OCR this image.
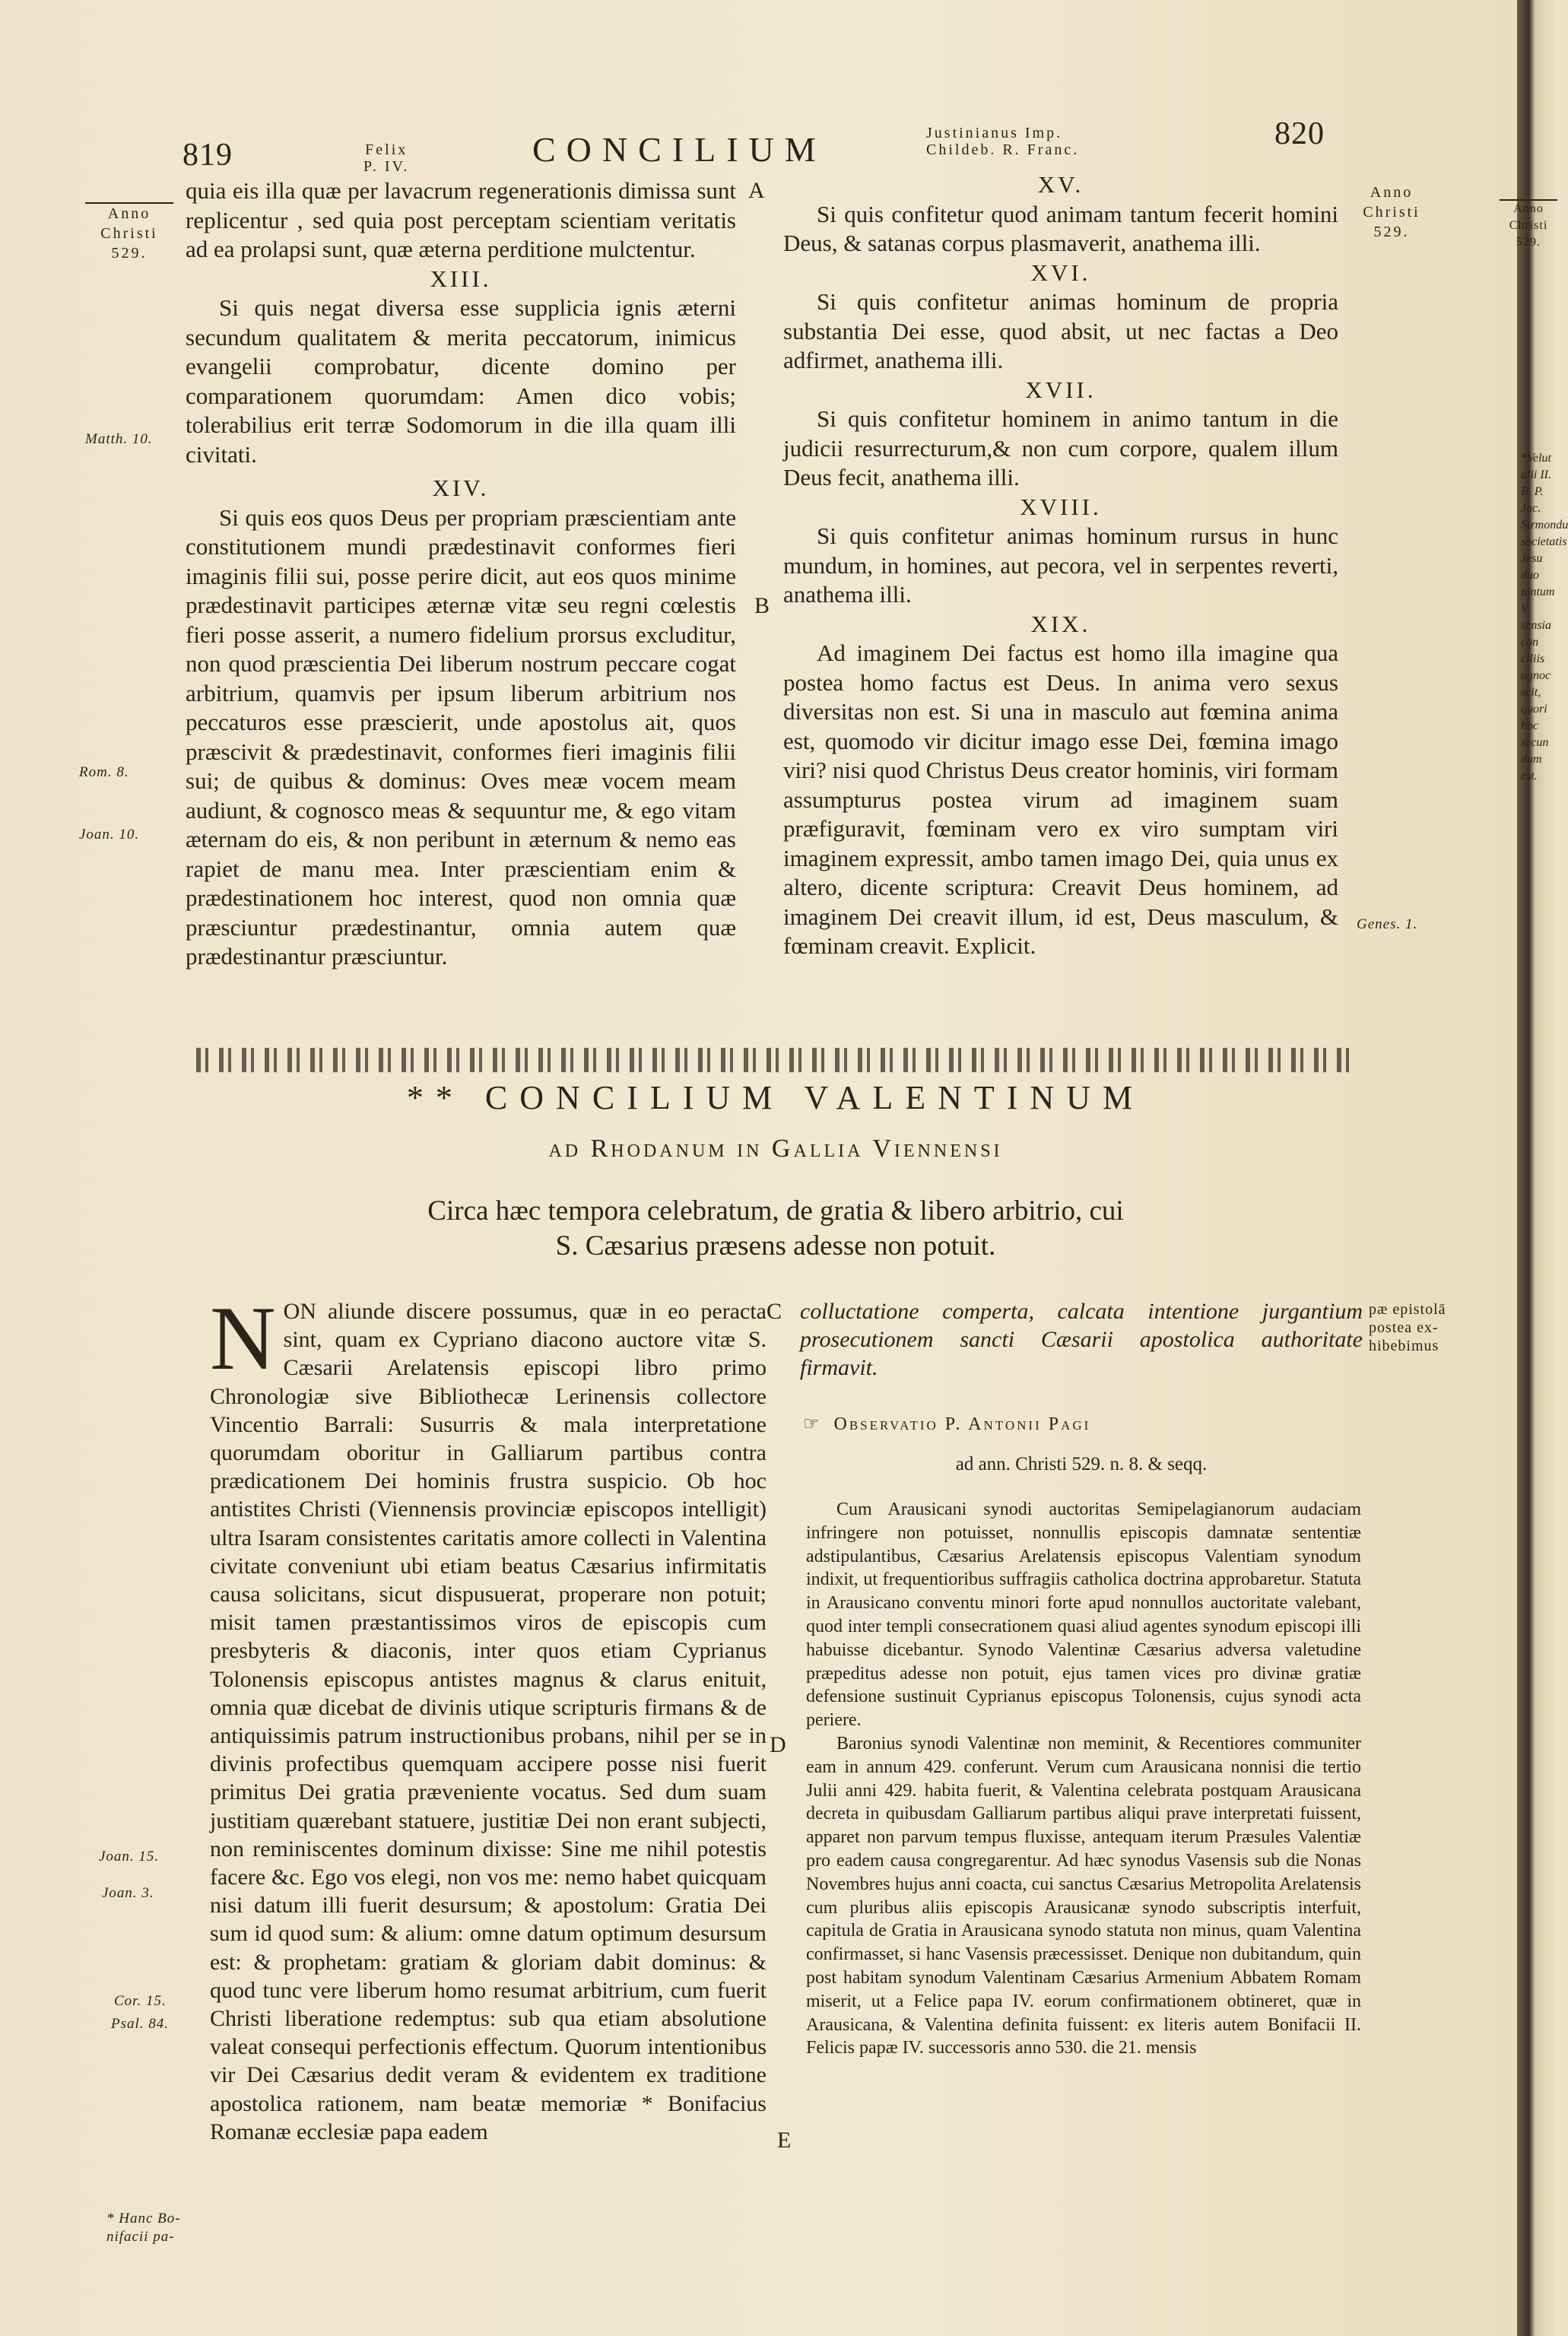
819	Felix
P. IV.	CONCILIUM	Justinianus Imp.
Childeb. R. Franc.	820
Anno
Christi
529.
Anno
Christi
529.

quia eis illa quæ per lavacrum regenerationis dimissa sunt replicentur , sed quia post perceptam scientiam veritatis ad ea prolapsi sunt, quæ æterna perditione mulctentur.

XIII.

Si quis negat diversa esse supplicia ignis æterni secundum qualitatem & merita peccatorum, inimicus evangelii comprobatur, dicente domino per comparationem quorumdam: Amen dico vobis; tolerabilius erit terræ Sodomorum in die illa quam illi civitati.

XIV.

Si quis eos quos Deus per propriam præscientiam ante constitutionem mundi prædestinavit conformes fieri imaginis filii sui, posse perire dicit, aut eos quos minime prædestinavit participes æternæ vitæ seu regni cœlestis fieri posse asserit, a numero fidelium prorsus excluditur, non quod præscientia Dei liberum nostrum peccare cogat arbitrium, quamvis per ipsum liberum arbitrium nos peccaturos esse præscierit, unde apostolus ait, quos præscivit & prædestinavit, conformes fieri imaginis filii sui; de quibus & dominus: Oves meæ vocem meam audiunt, & cognosco meas & sequuntur me, & ego vitam æternam do eis, & non peribunt in æternum & nemo eas rapiet de manu mea. Inter præscientiam enim & prædestinationem hoc interest, quod non omnia quæ præsciuntur prædestinantur, omnia autem quæ prædestinantur præsciuntur.

XV.

Si quis confitetur quod animam tantum fecerit homini Deus, & satanas corpus plasmaverit, anathema illi.

XVI.

Si quis confitetur animas hominum de propria substantia Dei esse, quod absit, ut nec factas a Deo adfirmet, anathema illi.

XVII.

Si quis confitetur hominem in animo tantum in die judicii resurrecturum,& non cum corpore, qualem illum Deus fecit, anathema illi.

XVIII.

Si quis confitetur animas hominum rursus in hunc mundum, in homines, aut pecora, vel in serpentes reverti, anathema illi.

XIX.

Ad imaginem Dei factus est homo illa imagine qua postea homo factus est Deus. In anima vero sexus diversitas non est. Si una in masculo aut fœmina anima est, quomodo vir dicitur imago esse Dei, fœmina imago viri? nisi quod Christus Deus creator hominis, viri formam assumpturus postea virum ad imaginem suam præfiguravit, fœminam vero ex viro sumptam viri imaginem expressit, ambo tamen imago Dei, quia unus ex altero, dicente scriptura: Creavit Deus hominem, ad imaginem Dei creavit illum, id est, Deus masculum, & fœminam creavit. Explicit.

A
B
C
D
E
Matth. 10.
Rom. 8.
Joan. 10.
Genes. 1.
** CONCILIUM VALENTINUM
ad Rhodanum in Gallia Viennensi
Circa hæc tempora celebratum, de gratia & libero arbitrio, cui
S. Cæsarius præsens adesse non potuit.
N ON aliunde discere possumus, quæ in eo peracta sint, quam ex Cypriano diacono auctore vitæ S. Cæsarii Arelatensis episcopi libro primo Chronologiæ sive Bibliothecæ Lerinensis collectore Vincentio Barrali: Susurris & mala interpretatione quorumdam oboritur in Galliarum partibus contra prædicationem Dei hominis frustra suspicio. Ob hoc antistites Christi (Viennensis provinciæ episcopos intelligit) ultra Isaram consistentes caritatis amore collecti in Valentina civitate conveniunt ubi etiam beatus Cæsarius infirmitatis causa solicitans, sicut dispusuerat, properare non potuit; misit tamen præstantissimos viros de episcopis cum presbyteris & diaconis, inter quos etiam Cyprianus Tolonensis episcopus antistes magnus & clarus enituit, omnia quæ dicebat de divinis utique scripturis firmans & de antiquissimis patrum instructionibus probans, nihil per se in divinis profectibus quemquam accipere posse nisi fuerit primitus Dei gratia præveniente vocatus. Sed dum suam justitiam quærebant statuere, justitiæ Dei non erant subjecti, non reminiscentes dominum dixisse: Sine me nihil potestis facere &c. Ego vos elegi, non vos me: nemo habet quicquam nisi datum illi fuerit desursum; & apostolum: Gratia Dei sum id quod sum: & alium: omne datum optimum desursum est: & prophetam: gratiam & gloriam dabit dominus: & quod tunc vere liberum homo resumat arbitrium, cum fuerit Christi liberatione redemptus: sub qua etiam absolutione valeat consequi perfectionis effectum. Quorum intentionibus vir Dei Cæsarius dedit veram & evidentem ex traditione apostolica rationem, nam beatæ memoriæ * Bonifacius Romanæ ecclesiæ papa eadem
Joan. 15.
Joan. 3.
Cor. 15.
Psal. 84.
* Hanc Bo-
nifacii pa-
colluctatione comperta, calcata intentione jurgantium prosecutionem sancti Cæsarii apostolica authoritate firmavit.
pæ epistolā
postea ex-
hibebimus
☞ Observatio P. Antonii Pagi
ad ann. Christi 529. n. 8. & seqq.

Cum Arausicani synodi auctoritas Semipelagianorum audaciam infringere non potuisset, nonnullis episcopis damnatæ sententiæ adstipulantibus, Cæsarius Arelatensis episcopus Valentiam synodum indixit, ut frequentioribus suffragiis catholica doctrina approbaretur. Statuta in Arausicano conventu minori forte apud nonnullos auctoritate valebant, quod inter templi consecrationem quasi aliud agentes synodum episcopi illi habuisse dicebantur. Synodo Valentinæ Cæsarius adversa valetudine præpeditus adesse non potuit, ejus tamen vices pro divinæ gratiæ defensione sustinuit Cyprianus episcopus Tolonensis, cujus synodi acta periere.

Baronius synodi Valentinæ non meminit, & Recentiores communiter eam in annum 429. conferunt. Verum cum Arausicana nonnisi die tertio Julii anni 429. habita fuerit, & Valentina celebrata postquam Arausicana decreta in quibusdam Galliarum partibus aliqui prave interpretati fuissent, apparet non parvum tempus fluxisse, antequam iterum Præsules Valentiæ pro eadem causa congregarentur. Ad hæc synodus Vasensis sub die Nonas Novembres hujus anni coacta, cui sanctus Cæsarius Metropolita Arelatensis cum pluribus aliis episcopis Arausicanæ synodo subscriptis interfuit, capitula de Gratia in Arausicana synodo statuta non minus, quam Valentina confirmasset, si hanc Vasensis præcessisset. Denique non dubitandum, quin post habitam synodum Valentinam Cæsarius Armenium Abbatem Romam miserit, ut a Felice papa IV. eorum confirmationem obtineret, quæ in Arausicana, & Valentina definita fuissent: ex literis autem Bonifacii II. Felicis papæ IV. successoris anno 530. die 21. mensis

Anno
Christi
529.
*Velut
alii II.
B. P. Jac.
Sirmondu
societatis
Jesu duo
tantum V
sensia con
ciliis agnoc
scit, quori
hoc secun
dum est.
